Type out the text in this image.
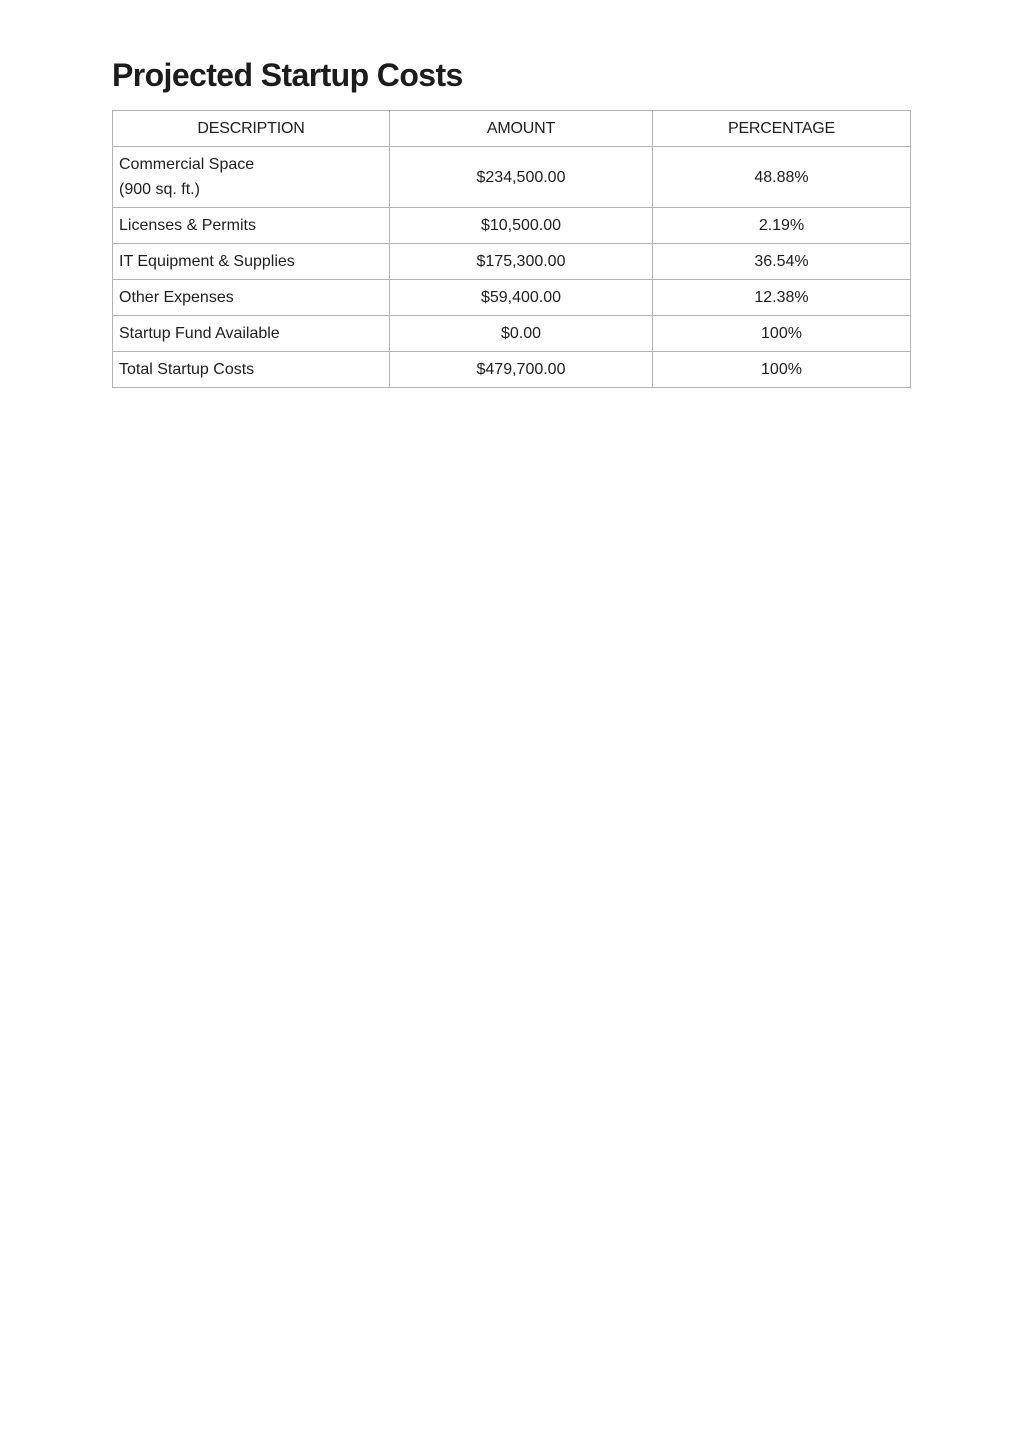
Projected Startup Costs
DESCRIPTION	AMOUNT	PERCENTAGE

Commercial Space
(900 sq. ft.)	$234,500.00	48.88%
Licenses & Permits	$10,500.00	2.19%
IT Equipment & Supplies	$175,300.00	36.54%
Other Expenses	$59,400.00	12.38%
Startup Fund Available	$0.00	100%
Total Startup Costs	$479,700.00	100%
